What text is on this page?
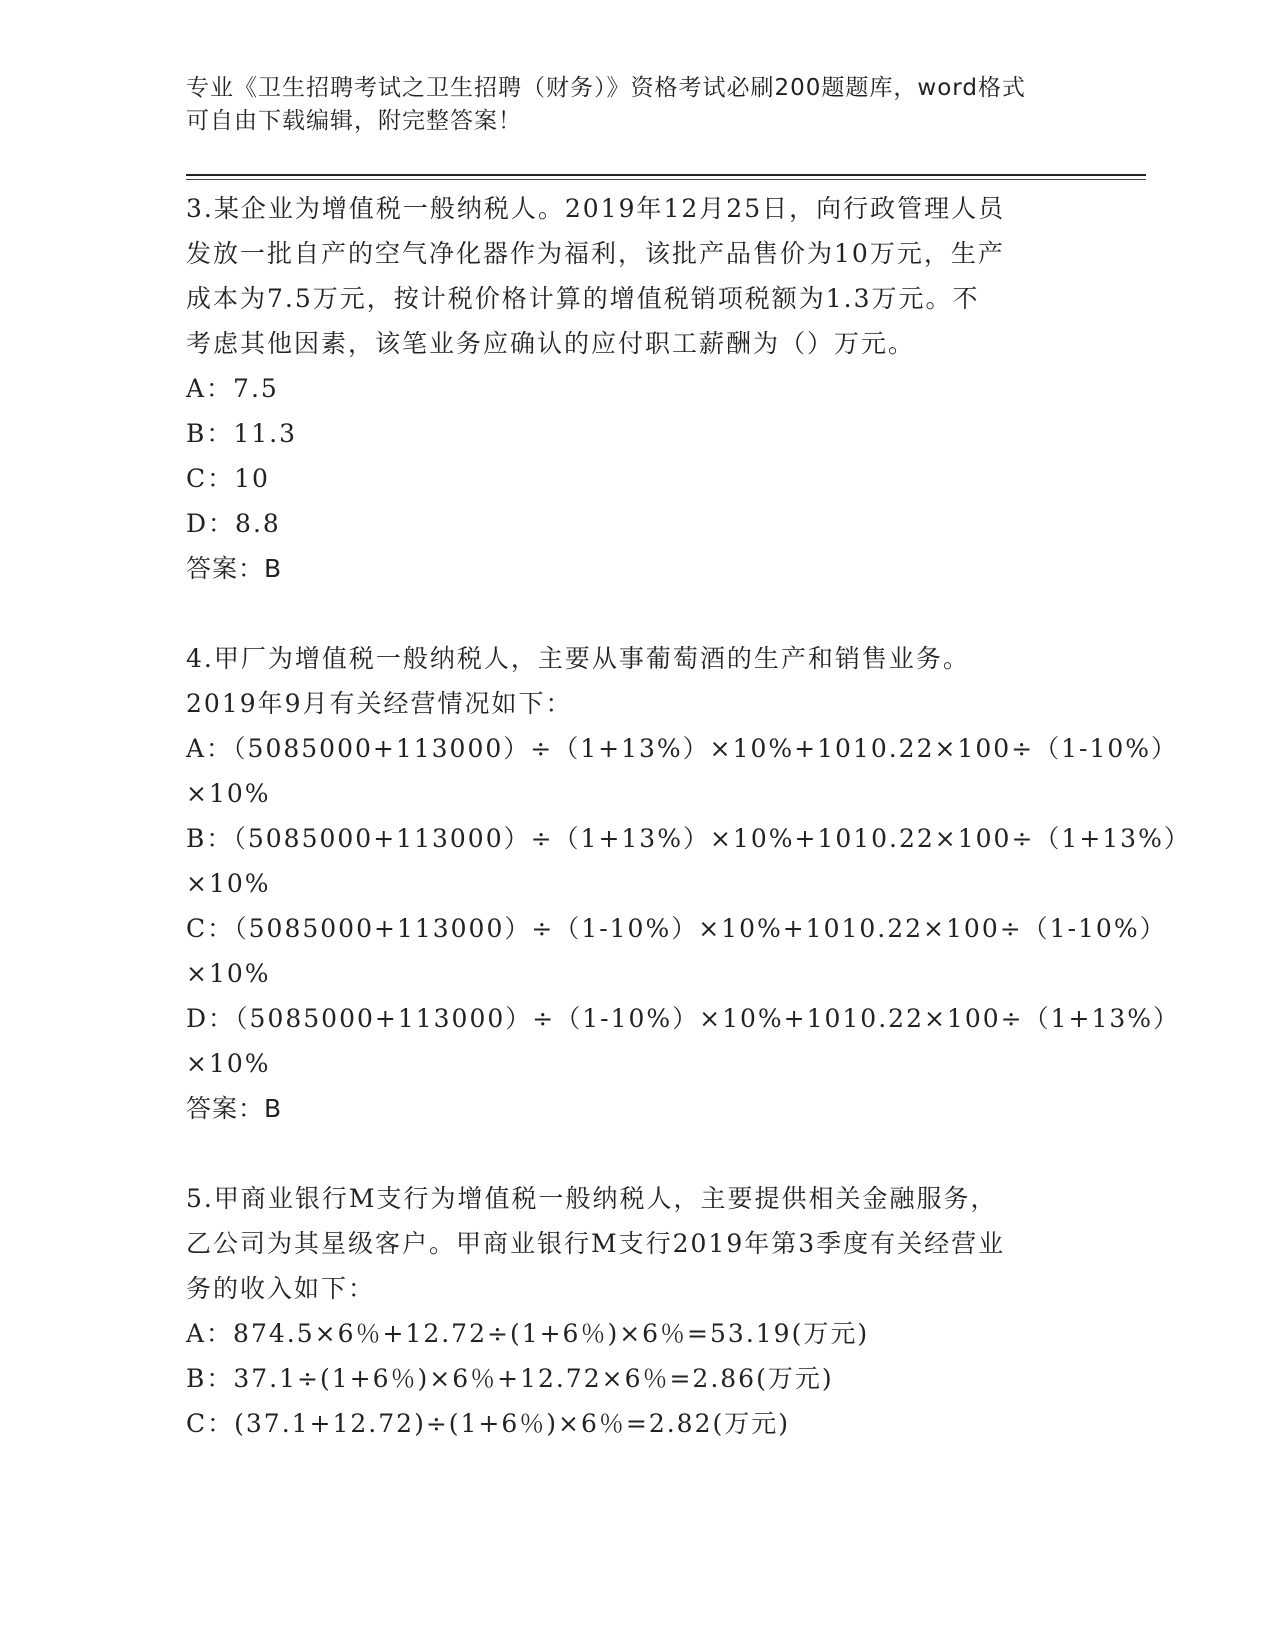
专业《卫生招聘考试之卫生招聘（财务）》资格考试必刷200题题库，word格式
可自由下载编辑，附完整答案！
3.某企业为增值税一般纳税人。2019年12月25日，向行政管理人员
发放一批自产的空气净化器作为福利，该批产品售价为10万元，生产
成本为7.5万元，按计税价格计算的增值税销项税额为1.3万元。不
考虑其他因素，该笔业务应确认的应付职工薪酬为（）万元。
A：7.5
B：11.3
C：10
D：8.8
答案：B
4.甲厂为增值税一般纳税人，主要从事葡萄酒的生产和销售业务。
2019年9月有关经营情况如下：
A：（5085000+113000）÷（1+13%）×10%+1010.22×100÷（1-10%）
×10%
B：（5085000+113000）÷（1+13%）×10%+1010.22×100÷（1+13%）
×10%
C：（5085000+113000）÷（1-10%）×10%+1010.22×100÷（1-10%）
×10%
D：（5085000+113000）÷（1-10%）×10%+1010.22×100÷（1+13%）
×10%
答案：B
5.甲商业银行M支行为增值税一般纳税人，主要提供相关金融服务，
乙公司为其星级客户。甲商业银行M支行2019年第3季度有关经营业
务的收入如下：
A：874.5×6％+12.72÷(1+6％)×6％=53.19(万元)
B：37.1÷(1+6％)×6％+12.72×6％=2.86(万元)
C：(37.1+12.72)÷(1+6％)×6％=2.82(万元)
